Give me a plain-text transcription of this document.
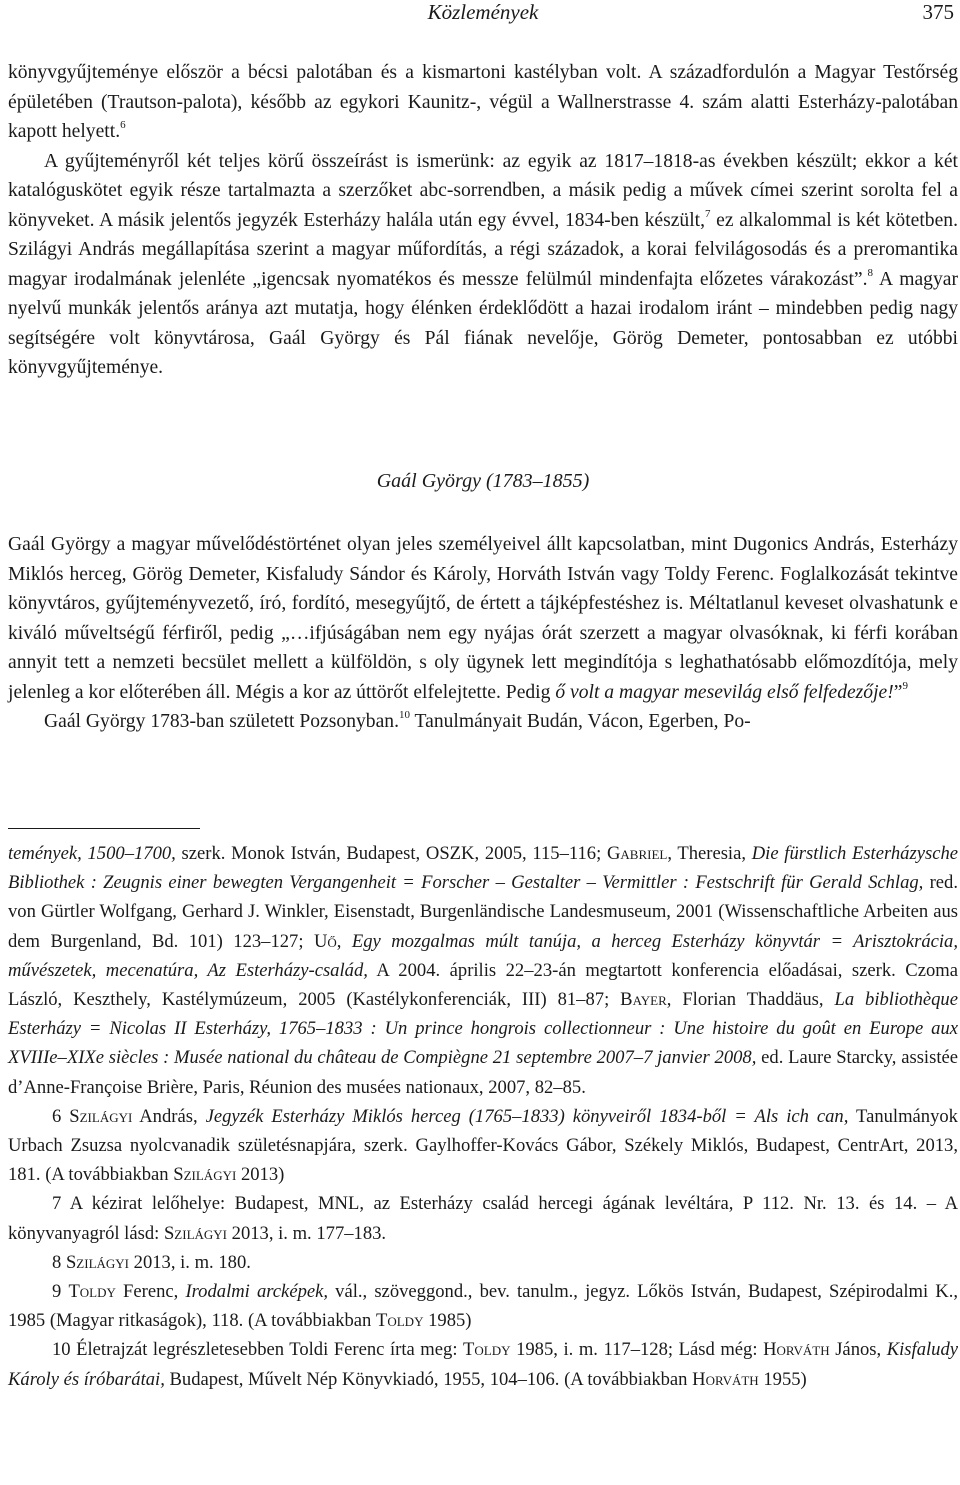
Közlemények	375

könyvgyűjteménye először a bécsi palotában és a kismartoni kastélyban volt. A századfordulón a Magyar Testőrség épületében (Trautson-palota), később az egykori Kaunitz-, végül a Wallnerstrasse 4. szám alatti Esterházy-palotában kapott helyett.$^6$

A gyűjteményről két teljes körű összeírást is ismerünk: az egyik az 1817–1818-as években készült; ekkor a két katalóguskötet egyik része tartalmazta a szerzőket abc-sorrendben, a másik pedig a művek címei szerint sorolta fel a könyveket. A másik jelentős jegyzék Esterházy halála után egy évvel, 1834-ben készült,$^7$ ez alkalommal is két kötetben. Szilágyi András megállapítása szerint a magyar műfordítás, a régi századok, a korai felvilágosodás és a preromantika magyar irodalmának jelenléte „igencsak nyomatékos és messze felülmúl mindenfajta előzetes várakozást”.$^8$ A magyar nyelvű munkák jelentős aránya azt mutatja, hogy élénken érdeklődött a hazai irodalom iránt – mindebben pedig nagy segítségére volt könyvtárosa, Gaál György és Pál fiának nevelője, Görög Demeter, pontosabban ez utóbbi könyvgyűjteménye.

Gaál György (1783–1855)

Gaál György a magyar művelődéstörténet olyan jeles személyeivel állt kapcsolatban, mint Dugonics András, Esterházy Miklós herceg, Görög Demeter, Kisfaludy Sándor és Károly, Horváth István vagy Toldy Ferenc. Foglalkozását tekintve könyvtáros, gyűjteményvezető, író, fordító, mesegyűjtő, de értett a tájképfestéshez is. Méltatlanul keveset olvashatunk e kiváló műveltségű férfiről, pedig „…ifjúságában nem egy nyájas órát szerzett a magyar olvasóknak, ki férfi korában annyit tett a nemzeti becsület mellett a külföldön, s oly ügynek lett megindítója s leghathatósabb előmozdítója, mely jelenleg a kor előterében áll. Mégis a kor az úttörőt elfelejtette. Pedig ő volt a magyar mesevilág első felfedezője!”$^9$

Gaál György 1783-ban született Pozsonyban.$^{10}$ Tanulmányait Budán, Vácon, Egerben, Po-

temények, 1500–1700, szerk. Monok István, Budapest, OSZK, 2005, 115–116; Gabriel, Theresia, Die fürstlich Esterházysche Bibliothek : Zeugnis einer bewegten Vergangenheit = Forscher – Gestalter – Vermittler : Festschrift für Gerald Schlag, red. von Gürtler Wolfgang, Gerhard J. Winkler, Eisenstadt, Burgenländische Landesmuseum, 2001 (Wissenschaftliche Arbeiten aus dem Burgenland, Bd. 101) 123–127; Uő, Egy mozgalmas múlt tanúja, a herceg Esterházy könyvtár = Arisztokrácia, művészetek, mecenatúra, Az Esterházy-család, A 2004. április 22–23-án megtartott konferencia előadásai, szerk. Czoma László, Keszthely, Kastélymúzeum, 2005 (Kastélykonferenciák, III) 81–87; Bayer, Florian Thaddäus, La bibliothèque Esterházy = Nicolas II Esterházy, 1765–1833 : Un prince hongrois collectionneur : Une histoire du goût en Europe aux XVIIIe–XIXe siècles : Musée national du château de Compiègne 21 septembre 2007–7 janvier 2008, ed. Laure Starcky, assistée d’Anne-Françoise Brière, Paris, Réunion des musées nationaux, 2007, 82–85.

6 Szilágyi András, Jegyzék Esterházy Miklós herceg (1765–1833) könyveiről 1834-ből = Als ich can, Tanulmányok Urbach Zsuzsa nyolcvanadik születésnapjára, szerk. Gaylhoffer-Kovács Gábor, Székely Miklós, Budapest, CentrArt, 2013, 181. (A továbbiakban Szilágyi 2013)

7 A kézirat lelőhelye: Budapest, MNL, az Esterházy család hercegi ágának levéltára, P 112. Nr. 13. és 14. – A könyvanyagról lásd: Szilágyi 2013, i. m. 177–183.

8 Szilágyi 2013, i. m. 180.

9 Toldy Ferenc, Irodalmi arcképek, vál., szöveggond., bev. tanulm., jegyz. Lőkös István, Budapest, Szépirodalmi K., 1985 (Magyar ritkaságok), 118. (A továbbiakban Toldy 1985)

10 Életrajzát legrészletesebben Toldi Ferenc írta meg: Toldy 1985, i. m. 117–128; Lásd még: Horváth János, Kisfaludy Károly és íróbarátai, Budapest, Művelt Nép Könyvkiadó, 1955, 104–106. (A továbbiakban Horváth 1955)
